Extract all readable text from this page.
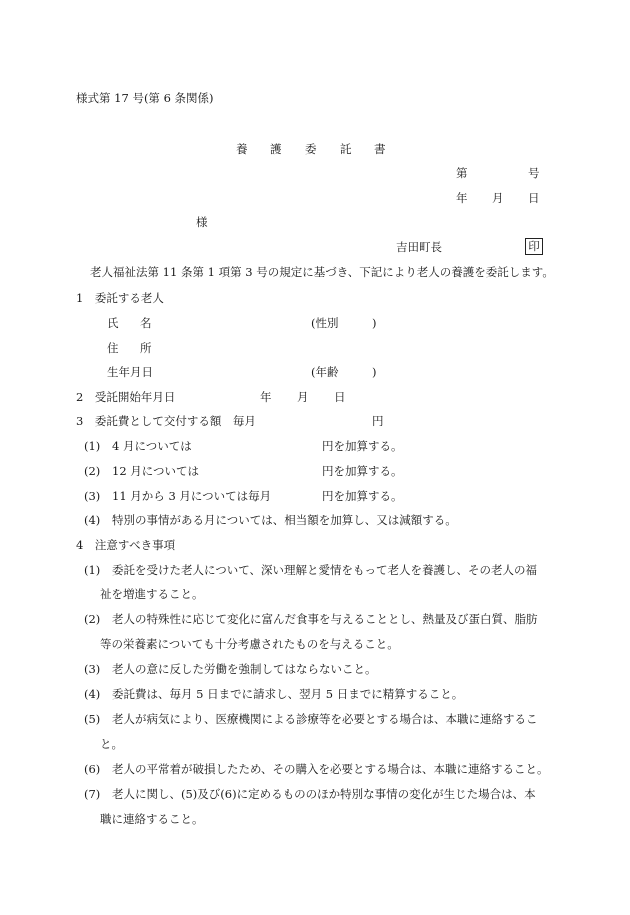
様式第 17 号(第 6 条関係)
養 護 委 託 書
第	号
年 月 日
様
吉田町長	印
老人福祉法第 11 条第 1 項第 3 号の規定に基づき、下記により老人の養護を委託します。
1　委託する老人
氏 名	(性別	)
住 所
生年月日	(年齢	)
2　受託開始年月日	年 月 日
3　委託費として交付する額　毎月	円
(1) 4 月については	円を加算する。
(2) 12 月については	円を加算する。
(3) 11 月から 3 月については毎月	円を加算する。
(4) 特別の事情がある月については、相当額を加算し、又は減額する。
4　注意すべき事項
(1) 委託を受けた老人について、深い理解と愛情をもって老人を養護し、その老人の福
祉を増進すること。
(2) 老人の特殊性に応じて変化に富んだ食事を与えることとし、熱量及び蛋白質、脂肪
等の栄養素についても十分考慮されたものを与えること。
(3) 老人の意に反した労働を強制してはならないこと。
(4) 委託費は、毎月 5 日までに請求し、翌月 5 日までに精算すること。
(5) 老人が病気により、医療機関による診療等を必要とする場合は、本職に連絡するこ
と。
(6) 老人の平常着が破損したため、その購入を必要とする場合は、本職に連絡すること。
(7) 老人に関し、(5)及び(6)に定めるもののほか特別な事情の変化が生じた場合は、本
職に連絡すること。
